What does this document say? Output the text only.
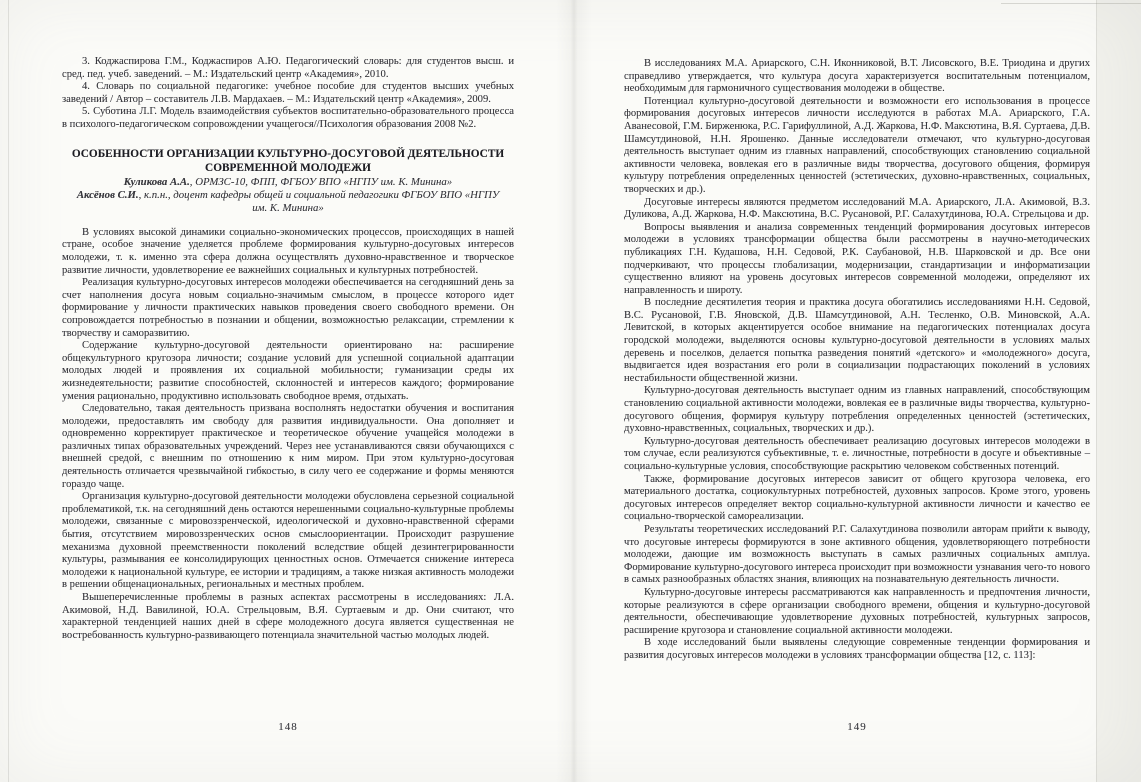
3. Коджаспирова Г.М., Коджаспиров А.Ю. Педагогический словарь: для студентов высш. и сред. пед. учеб. заведений. – М.: Издательский центр «Академия», 2010.

4. Словарь по социальной педагогике: учебное пособие для студентов высших учебных заведений / Автор – составитель Л.В. Мардахаев. – М.: Издательский центр «Академия», 2009.

5. Суботина Л.Г. Модель взаимодействия субъектов воспитательно-образовательного процесса в психолого-педагогическом сопровождении учащегося//Психология образования 2008 №2.

ОСОБЕННОСТИ ОРГАНИЗАЦИИ КУЛЬТУРНО-ДОСУГОВОЙ ДЕЯТЕЛЬНОСТИ СОВРЕМЕННОЙ МОЛОДЕЖИ

Куликова А.А., ОРМЗС-10, ФПП, ФГБОУ ВПО «НГПУ им. К. Минина»
Аксёнов С.И., к.п.н., доцент кафедры общей и социальной педагогики ФГБОУ ВПО «НГПУ им. К. Минина»

В условиях высокой динамики социально-экономических процессов, происходящих в нашей стране, особое значение уделяется проблеме формирования культурно-досуговых интересов молодежи, т. к. именно эта сфера должна осуществлять духовно-нравственное и творческое развитие личности, удовлетворение ее важнейших социальных и культурных потребностей.

Реализация культурно-досуговых интересов молодежи обеспечивается на сегодняшний день за счет наполнения досуга новым социально-значимым смыслом, в процессе которого идет формирование у личности практических навыков проведения своего свободного времени. Он сопровождается потребностью в познании и общении, возможностью релаксации, стремлении к творчеству и саморазвитию.

Содержание культурно-досуговой деятельности ориентировано на: расширение общекультурного кругозора личности; создание условий для успешной социальной адаптации молодых людей и проявления их социальной мобильности; гуманизации среды их жизнедеятельности; развитие способностей, склонностей и интересов каждого; формирование умения рационально, продуктивно использовать свободное время, отдыхать.

Следовательно, такая деятельность призвана восполнять недостатки обучения и воспитания молодежи, предоставлять им свободу для развития индивидуальности. Она дополняет и одновременно корректирует практическое и теоретическое обучение учащейся молодежи в различных типах образовательных учреждений. Через нее устанавливаются связи обучающихся с внешней средой, с внешним по отношению к ним миром. При этом культурно-досуговая деятельность отличается чрезвычайной гибкостью, в силу чего ее содержание и формы меняются гораздо чаще.

Организация культурно-досуговой деятельности молодежи обусловлена серьезной социальной проблематикой, т.к. на сегодняшний день остаются нерешенными социально-культурные проблемы молодежи, связанные с мировоззренческой, идеологической и духовно-нравственной сферами бытия, отсутствием мировоззренческих основ смыслоориентации. Происходит разрушение механизма духовной преемственности поколений вследствие общей дезинтегрированности культуры, размывания ее консолидирующих ценностных основ. Отмечается снижение интереса молодежи к национальной культуре, ее истории и традициям, а также низкая активность молодежи в решении общенациональных, региональных и местных проблем.

Вышеперечисленные проблемы в разных аспектах рассмотрены в исследованиях: Л.А. Акимовой, Н.Д. Вавилиной, Ю.А. Стрельцовым, В.Я. Суртаевым и др. Они считают, что характерной тенденцией наших дней в сфере молодежного досуга является существенная не востребованность культурно-развивающего потенциала значительной частью молодых людей.

148

В исследованиях М.А. Ариарского, С.Н. Иконниковой, В.Т. Лисовского, В.Е. Триодина и других справедливо утверждается, что культура досуга характеризуется воспитательным потенциалом, необходимым для гармоничного существования молодежи в обществе.

Потенциал культурно-досуговой деятельности и возможности его использования в процессе формирования досуговых интересов личности исследуются в работах М.А. Ариарского, Г.А. Аванесовой, Г.М. Бирженюка, Р.С. Гарифуллиной, А.Д. Жаркова, Н.Ф. Максютина, В.Я. Суртаева, Д.В. Шамсутдиновой, Н.Н. Ярошенко. Данные исследователи отмечают, что культурно-досуговая деятельность выступает одним из главных направлений, способствующих становлению социальной активности человека, вовлекая его в различные виды творчества, досугового общения, формируя культуру потребления определенных ценностей (эстетических, духовно-нравственных, социальных, творческих и др.).

Досуговые интересы являются предметом исследований М.А. Ариарского, Л.А. Акимовой, В.З. Дуликова, А.Д. Жаркова, Н.Ф. Максютина, В.С. Русановой, Р.Г. Салахутдинова, Ю.А. Стрельцова и др.

Вопросы выявления и анализа современных тенденций формирования досуговых интересов молодежи в условиях трансформации общества были рассмотрены в научно-методических публикациях Г.Н. Кудашова, Н.Н. Седовой, Р.К. Саубановой, Н.В. Шарковской и др. Все они подчеркивают, что процессы глобализации, модернизации, стандартизации и информатизации существенно влияют на уровень досуговых интересов современной молодежи, определяют их направленность и широту.

В последние десятилетия теория и практика досуга обогатились исследованиями Н.Н. Седовой, В.С. Русановой, Г.В. Яновской, Д.В. Шамсутдиновой, А.Н. Тесленко, О.В. Миновской, А.А. Левитской, в которых акцентируется особое внимание на педагогических потенциалах досуга городской молодежи, выделяются основы культурно-досуговой деятельности в условиях малых деревень и поселков, делается попытка разведения понятий «детского» и «молодежного» досуга, выдвигается идея возрастания его роли в социализации подрастающих поколений в условиях нестабильности общественной жизни.

Культурно-досуговая деятельность выступает одним из главных направлений, способствующим становлению социальной активности молодежи, вовлекая ее в различные виды творчества, культурно-досугового общения, формируя культуру потребления определенных ценностей (эстетических, духовно-нравственных, социальных, творческих и др.).

Культурно-досуговая деятельность обеспечивает реализацию досуговых интересов молодежи в том случае, если реализуются субъективные, т. е. личностные, потребности в досуге и объективные – социально-культурные условия, способствующие раскрытию человеком собственных потенций.

Также, формирование досуговых интересов зависит от общего кругозора человека, его материального достатка, социокультурных потребностей, духовных запросов. Кроме этого, уровень досуговых интересов определяет вектор социально-культурной активности личности и качество ее социально-творческой самореализации.

Результаты теоретических исследований Р.Г. Салахутдинова позволили авторам прийти к выводу, что досуговые интересы формируются в зоне активного общения, удовлетворяющего потребности молодежи, дающие им возможность выступать в самых различных социальных амплуа. Формирование культурно-досугового интереса происходит при возможности узнавания чего-то нового в самых разнообразных областях знания, влияющих на познавательную деятельность личности.

Культурно-досуговые интересы рассматриваются как направленность и предпочтения личности, которые реализуются в сфере организации свободного времени, общения и культурно-досуговой деятельности, обеспечивающие удовлетворение духовных потребностей, культурных запросов, расширение кругозора и становление социальной активности молодежи.

В ходе исследований были выявлены следующие современные тенденции формирования и развития досуговых интересов молодежи в условиях трансформации общества [12, с. 113]:

149
